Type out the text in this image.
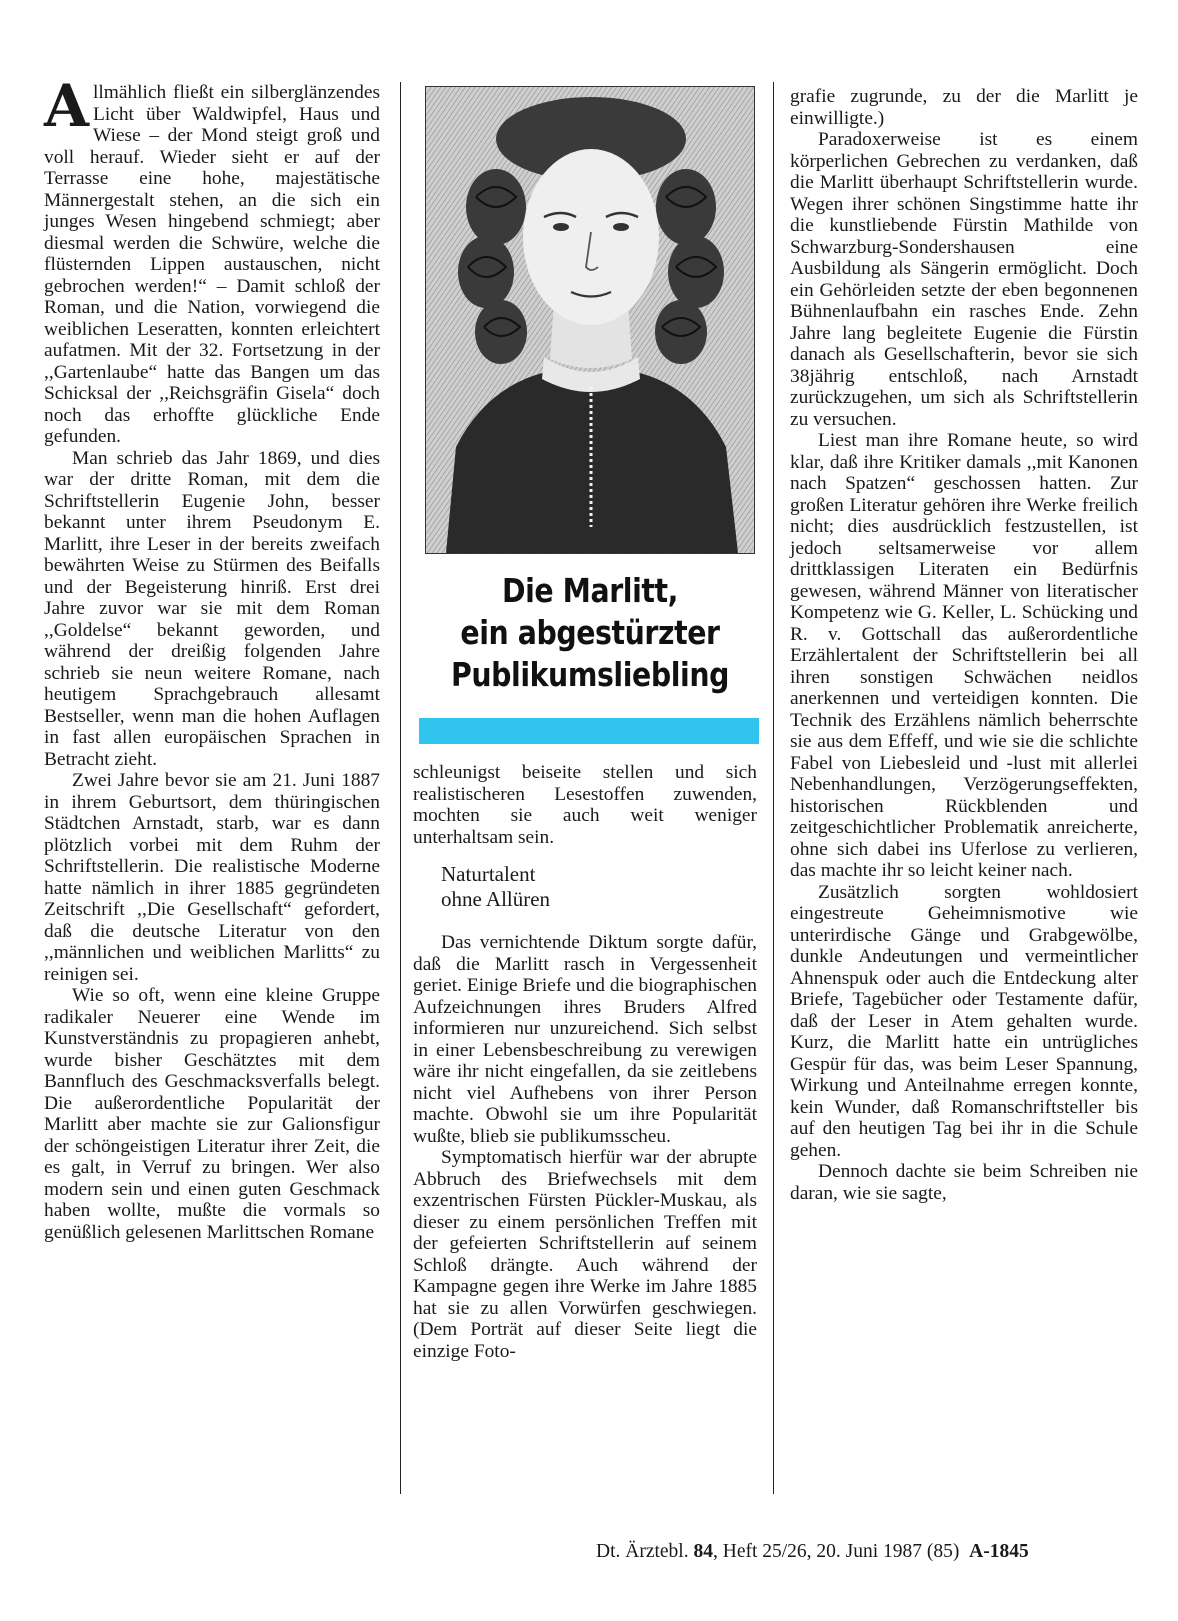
Allmählich fließt ein silberglänzendes Licht über Waldwipfel, Haus und Wiese – der Mond steigt groß und voll herauf. Wieder sieht er auf der Terrasse eine hohe, majestätische Männergestalt stehen, an die sich ein junges Wesen hingebend schmiegt; aber diesmal werden die Schwüre, welche die flüsternden Lippen austauschen, nicht gebrochen werden!“ – Damit schloß der Roman, und die Nation, vorwiegend die weiblichen Leseratten, konnten erleichtert aufatmen. Mit der 32. Fortsetzung in der ,,Gartenlaube“ hatte das Bangen um das Schicksal der ,,Reichsgräfin Gisela“ doch noch das erhoffte glückliche Ende gefunden.

Man schrieb das Jahr 1869, und dies war der dritte Roman, mit dem die Schriftstellerin Eugenie John, besser bekannt unter ihrem Pseudonym E. Marlitt, ihre Leser in der bereits zweifach bewährten Weise zu Stürmen des Beifalls und der Begeisterung hinriß. Erst drei Jahre zuvor war sie mit dem Roman ,,Goldelse“ bekannt geworden, und während der dreißig folgenden Jahre schrieb sie neun weitere Romane, nach heutigem Sprachgebrauch allesamt Bestseller, wenn man die hohen Auflagen in fast allen europäischen Sprachen in Betracht zieht.

Zwei Jahre bevor sie am 21. Juni 1887 in ihrem Geburtsort, dem thüringischen Städtchen Arnstadt, starb, war es dann plötzlich vorbei mit dem Ruhm der Schriftstellerin. Die realistische Moderne hatte nämlich in ihrer 1885 gegründeten Zeitschrift ,,Die Gesellschaft“ gefordert, daß die deutsche Literatur von den ,,männlichen und weiblichen Marlitts“ zu reinigen sei.

Wie so oft, wenn eine kleine Gruppe radikaler Neuerer eine Wende im Kunstverständnis zu propagieren anhebt, wurde bisher Geschätztes mit dem Bannfluch des Geschmacksverfalls belegt. Die außerordentliche Popularität der Marlitt aber machte sie zur Galionsfigur der schöngeistigen Literatur ihrer Zeit, die es galt, in Verruf zu bringen. Wer also modern sein und einen guten Geschmack haben wollte, mußte die vormals so genüßlich gelesenen Marlittschen Romane

Die Marlitt,
ein abgestürzter
Publikumsliebling

schleunigst beiseite stellen und sich realistischeren Lesestoffen zuwenden, mochten sie auch weit weniger unterhaltsam sein.

Naturtalent
ohne Allüren

Das vernichtende Diktum sorgte dafür, daß die Marlitt rasch in Vergessenheit geriet. Einige Briefe und die biographischen Aufzeichnungen ihres Bruders Alfred informieren nur unzureichend. Sich selbst in einer Lebensbeschreibung zu verewigen wäre ihr nicht eingefallen, da sie zeitlebens nicht viel Aufhebens von ihrer Person machte. Obwohl sie um ihre Popularität wußte, blieb sie publikumsscheu.

Symptomatisch hierfür war der abrupte Abbruch des Briefwechsels mit dem exzentrischen Fürsten Pückler-Muskau, als dieser zu einem persönlichen Treffen mit der gefeierten Schriftstellerin auf seinem Schloß drängte. Auch während der Kampagne gegen ihre Werke im Jahre 1885 hat sie zu allen Vorwürfen geschwiegen. (Dem Porträt auf dieser Seite liegt die einzige Foto-

grafie zugrunde, zu der die Marlitt je einwilligte.)

Paradoxerweise ist es einem körperlichen Gebrechen zu verdanken, daß die Marlitt überhaupt Schriftstellerin wurde. Wegen ihrer schönen Singstimme hatte ihr die kunstliebende Fürstin Mathilde von Schwarzburg-Sondershausen eine Ausbildung als Sängerin ermöglicht. Doch ein Gehörleiden setzte der eben begonnenen Bühnenlaufbahn ein rasches Ende. Zehn Jahre lang begleitete Eugenie die Fürstin danach als Gesellschafterin, bevor sie sich 38jährig entschloß, nach Arnstadt zurückzugehen, um sich als Schriftstellerin zu versuchen.

Liest man ihre Romane heute, so wird klar, daß ihre Kritiker damals ,,mit Kanonen nach Spatzen“ geschossen hatten. Zur großen Literatur gehören ihre Werke freilich nicht; dies ausdrücklich festzustellen, ist jedoch seltsamerweise vor allem drittklassigen Literaten ein Bedürfnis gewesen, während Männer von literatischer Kompetenz wie G. Keller, L. Schücking und R. v. Gottschall das außerordentliche Erzählertalent der Schriftstellerin bei all ihren sonstigen Schwächen neidlos anerkennen und verteidigen konnten. Die Technik des Erzählens nämlich beherrschte sie aus dem Effeff, und wie sie die schlichte Fabel von Liebesleid und -lust mit allerlei Nebenhandlungen, Verzögerungseffekten, historischen Rückblenden und zeitgeschichtlicher Problematik anreicherte, ohne sich dabei ins Uferlose zu verlieren, das machte ihr so leicht keiner nach.

Zusätzlich sorgten wohldosiert eingestreute Geheimnismotive wie unterirdische Gänge und Grabgewölbe, dunkle Andeutungen und vermeintlicher Ahnenspuk oder auch die Entdeckung alter Briefe, Tagebücher oder Testamente dafür, daß der Leser in Atem gehalten wurde. Kurz, die Marlitt hatte ein untrügliches Gespür für das, was beim Leser Spannung, Wirkung und Anteilnahme erregen konnte, kein Wunder, daß Romanschriftsteller bis auf den heutigen Tag bei ihr in die Schule gehen.

Dennoch dachte sie beim Schreiben nie daran, wie sie sagte,

Dt. Ärztebl. 84, Heft 25/26, 20. Juni 1987 (85) A-1845
